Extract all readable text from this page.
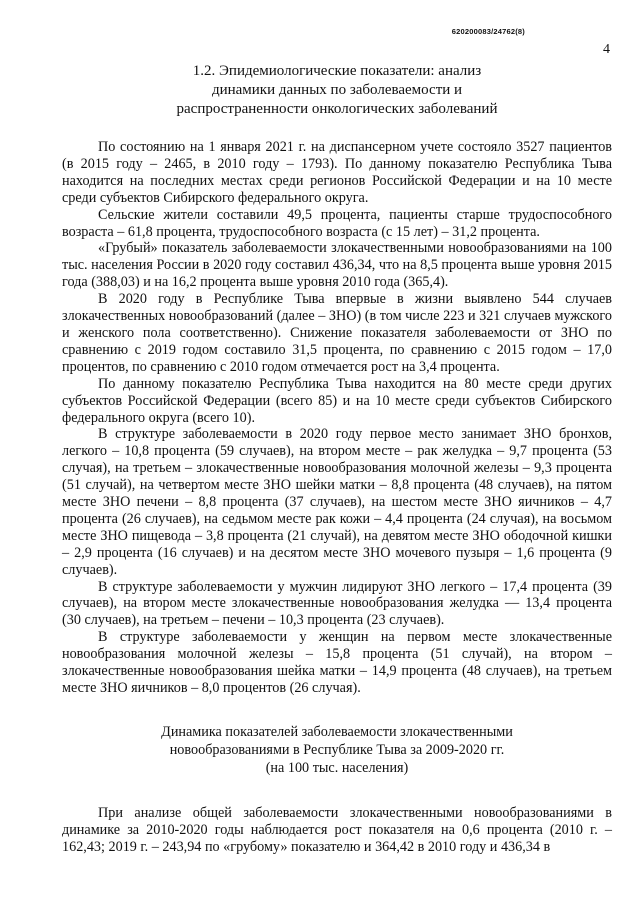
620200083/24762(8)
4
1.2. Эпидемиологические показатели: анализ
динамики данных по заболеваемости и
распространенности онкологических заболеваний

По состоянию на 1 января 2021 г. на диспансерном учете состояло 3527 пациентов (в 2015 году – 2465, в 2010 году – 1793). По данному показателю Республика Тыва находится на последних местах среди регионов Российской Федерации и на 10 месте среди субъектов Сибирского федерального округа.

Сельские жители составили 49,5 процента, пациенты старше трудоспособного возраста – 61,8 процента, трудоспособного возраста (с 15 лет) – 31,2 процента.

«Грубый» показатель заболеваемости злокачественными новообразованиями на 100 тыс. населения России в 2020 году составил 436,34, что на 8,5 процента выше уровня 2015 года (388,03) и на 16,2 процента выше уровня 2010 года (365,4).

В 2020 году в Республике Тыва впервые в жизни выявлено 544 случаев злокачественных новообразований (далее – ЗНО) (в том числе 223 и 321 случаев мужского и женского пола соответственно). Снижение показателя заболеваемости от ЗНО по сравнению с 2019 годом составило 31,5 процента, по сравнению с 2015 годом – 17,0 процентов, по сравнению с 2010 годом отмечается рост на 3,4 процента.

По данному показателю Республика Тыва находится на 80 месте среди других субъектов Российской Федерации (всего 85) и на 10 месте среди субъектов Сибирского федерального округа (всего 10).

В структуре заболеваемости в 2020 году первое место занимает ЗНО бронхов, легкого – 10,8 процента (59 случаев), на втором месте – рак желудка – 9,7 процента (53 случая), на третьем – злокачественные новообразования молочной железы – 9,3 процента (51 случай), на четвертом месте ЗНО шейки матки – 8,8 процента (48 случаев), на пятом месте ЗНО печени – 8,8 процента (37 случаев), на шестом месте ЗНО яичников – 4,7 процента (26 случаев), на седьмом месте рак кожи – 4,4 процента (24 случая), на восьмом месте ЗНО пищевода – 3,8 процента (21 случай), на девятом месте ЗНО ободочной кишки – 2,9 процента (16 случаев) и на десятом месте ЗНО мочевого пузыря – 1,6 процента (9 случаев).

В структуре заболеваемости у мужчин лидируют ЗНО легкого – 17,4 процента (39 случаев), на втором месте злокачественные новообразования желудка — 13,4 процента (30 случаев), на третьем – печени – 10,3 процента (23 случаев).

В структуре заболеваемости у женщин на первом месте злокачественные новообразования молочной железы – 15,8 процента (51 случай), на втором – злокачественные новообразования шейка матки – 14,9 процента (48 случаев), на третьем месте ЗНО яичников – 8,0 процентов (26 случая).

Динамика показателей заболеваемости злокачественными
новообразованиями в Республике Тыва за 2009-2020 гг.
(на 100 тыс. населения)

При анализе общей заболеваемости злокачественными новообразованиями в динамике за 2010-2020 годы наблюдается рост показателя на 0,6 процента (2010 г. – 162,43; 2019 г. – 243,94 по «грубому» показателю и 364,42 в 2010 году и 436,34 в
